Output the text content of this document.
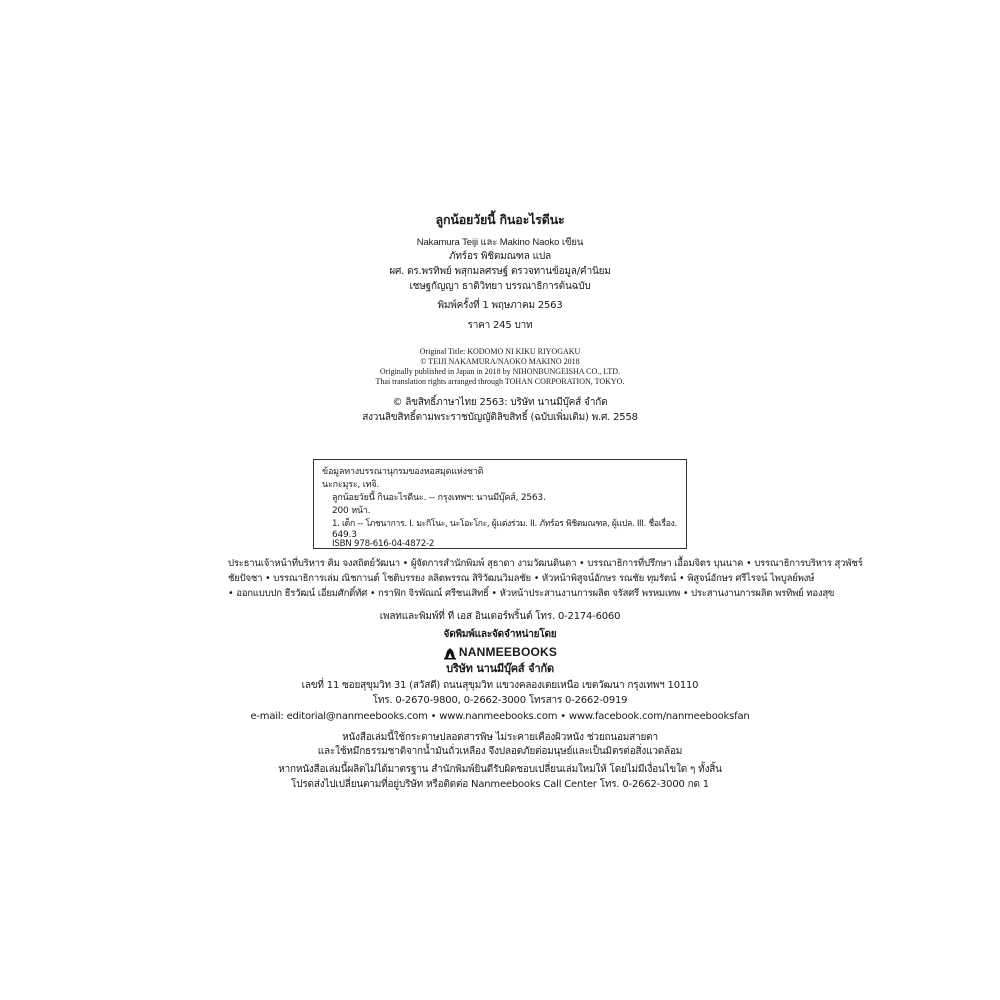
ลูกน้อยวัยนี้ กินอะไรดีนะ
Nakamura Teiji และ Makino Naoko เขียน
ภัทร์อร พิชิตมณฑล แปล
ผศ. ดร.พรทิพย์ พสุกมลศรษฐ์ ตรวจทานข้อมูล/คำนิยม
เชษฐกัญญา ธาดิวิทยา บรรณาธิการต้นฉบับ
พิมพ์ครั้งที่ 1 พฤษภาคม 2563
ราคา 245 บาท
Original Title: KODOMO NI KIKU RIYOGAKU
© TEIJI NAKAMURA/NAOKO MAKINO 2018
Originally published in Japan in 2018 by NIHONBUNGEISHA CO., LTD.
Thai translation rights arranged through TOHAN CORPORATION, TOKYO.
© ลิขสิทธิ์ภาษาไทย 2563: บริษัท นานมีบุ๊คส์ จำกัด
สงวนลิขสิทธิ์ตามพระราชบัญญัติลิขสิทธิ์ (ฉบับเพิ่มเติม) พ.ศ. 2558
ข้อมูลทางบรรณานุกรมของหอสมุดแห่งชาติ
นะกะมุระ, เทจิ.
ลูกน้อยวัยนี้ กินอะไรดีนะ. -- กรุงเทพฯ: นานมีบุ๊คส์, 2563.
200 หน้า.
1. เด็ก -- โภชนาการ. I. มะกิโนะ, นะโอะโกะ, ผู้แต่งร่วม. II. ภัทร์อร พิชิตมณฑล, ผู้แปล. III. ชื่อเรื่อง.
649.3
ISBN 978-616-04-4872-2
ประธานเจ้าหน้าที่บริหาร คิม จงสถิตย์วัฒนา • ผู้จัดการสำนักพิมพ์ สุธาดา งามวัฒนดินดา • บรรณาธิการที่ปรึกษา เอื้อมจิตร บุนนาค • บรรณาธิการบริหาร สุวพัชร์
ชัยปัจชา • บรรณาธิการเล่ม ณิชกานต์ โชติบรรยง ลลิตพรรณ สิริวัฒนวิมลชัย • หัวหน้าพิสูจน์อักษร รณชัย ทุมรัตน์ • พิสูจน์อักษร ศรีไรจน์ ไพบูลย์พงษ์
• ออกแบบปก ธีรวัฒน์ เอี่ยมศักดิ์ทัศ • กราฟิก จิรพัณณ์ ศรีชนเสิทธิ์ • หัวหน้าประสานงานการผลิต จรัสศรี พรหมเทพ • ประสานงานการผลิต พรทิพย์ ทองสุข
เพลทและพิมพ์ที่ ที เอส อินเตอร์พริ้นต์ โทร. 0-2174-6060
จัดพิมพ์และจัดจำหน่ายโดย
NANMEEBOOKS
บริษัท นานมีบุ๊คส์ จำกัด
เลขที่ 11 ซอยสุขุมวิท 31 (สวัสดี) ถนนสุขุมวิท แขวงคลองเตยเหนือ เขตวัฒนา กรุงเทพฯ 10110
โทร. 0-2670-9800, 0-2662-3000 โทรสาร 0-2662-0919
e-mail: editorial@nanmeebooks.com • www.nanmeebooks.com • www.facebook.com/nanmeebooksfan
หนังสือเล่มนี้ใช้กระดาษปลอดสารพิษ ไม่ระคายเคืองผิวหนัง ช่วยถนอมสายตา
และใช้หมึกธรรมชาติจากน้ำมันถั่วเหลือง จึงปลอดภัยต่อมนุษย์และเป็นมิตรต่อสิ่งแวดล้อม
หากหนังสือเล่มนี้ผลิตไม่ได้มาตรฐาน สำนักพิมพ์ยินดีรับผิดชอบเปลี่ยนเล่มใหม่ให้ โดยไม่มีเงื่อนไขใด ๆ ทั้งสิ้น
โปรดส่งไปเปลี่ยนตามที่อยู่บริษัท หรือติดต่อ Nanmeebooks Call Center โทร. 0-2662-3000 กด 1
